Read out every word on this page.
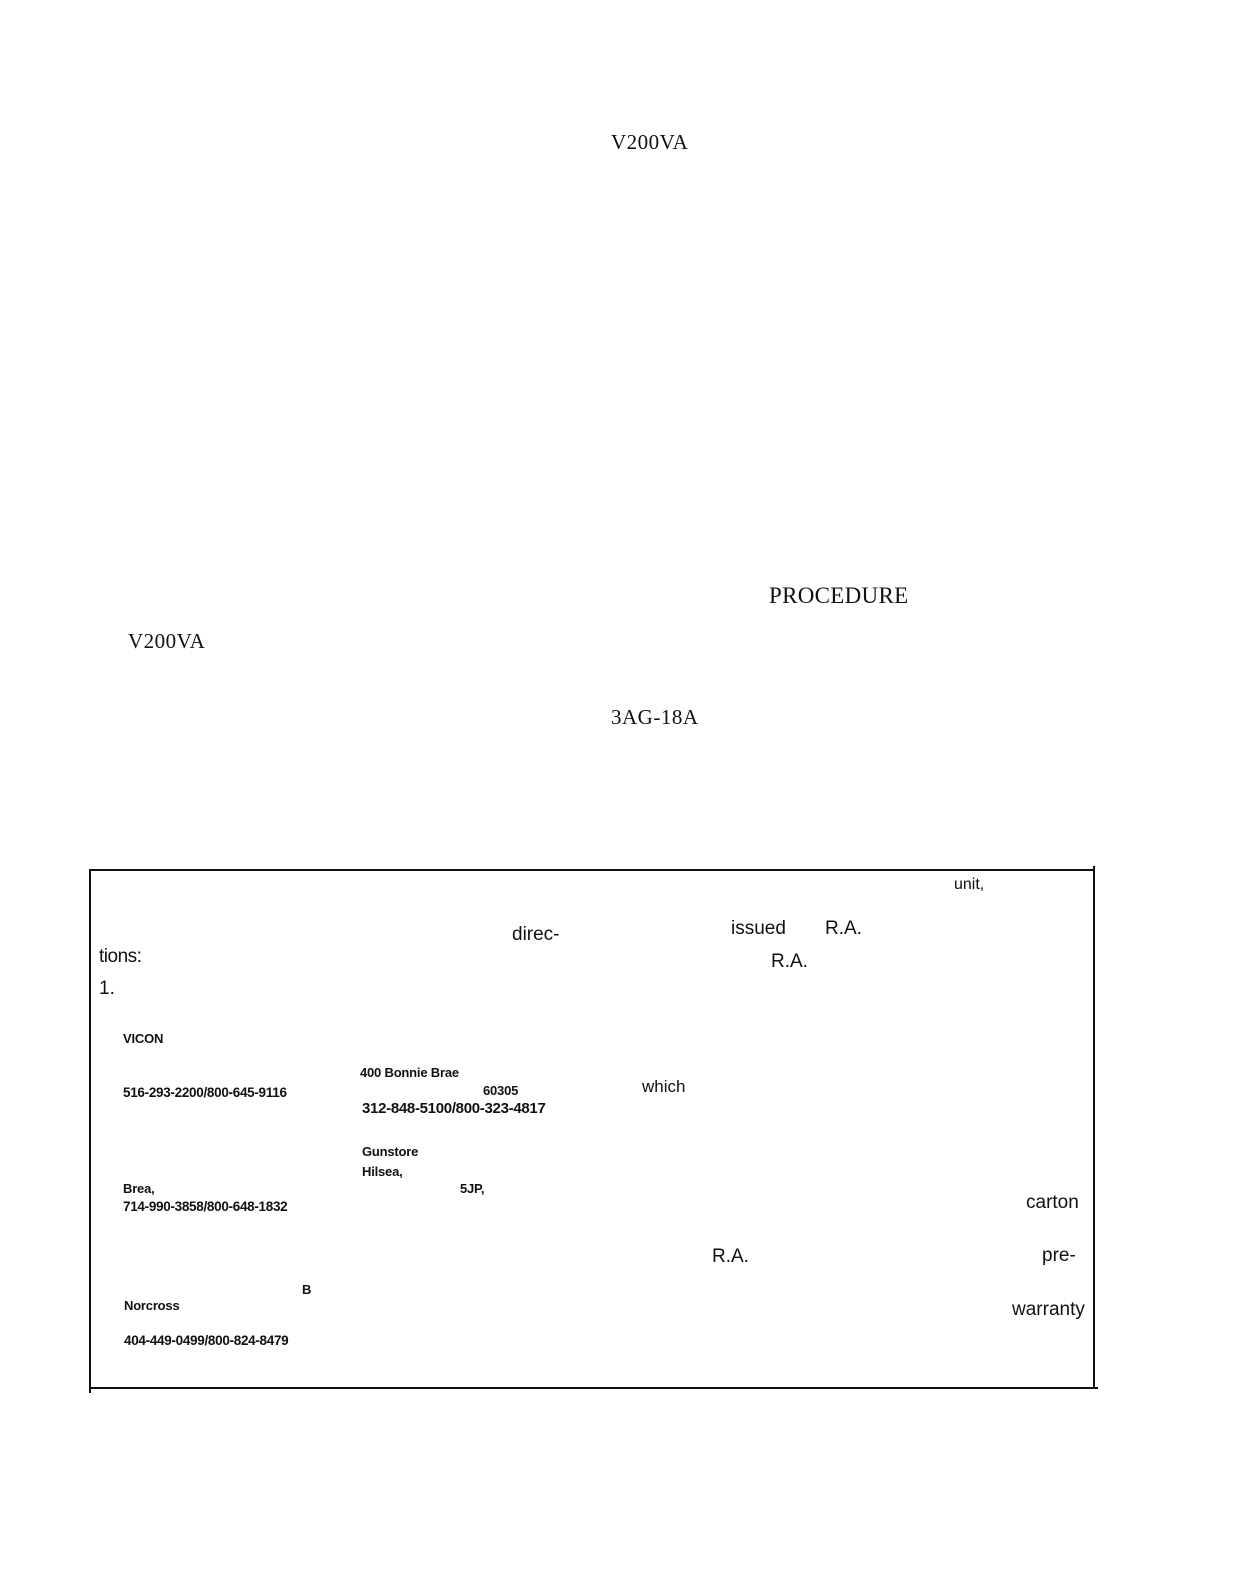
V200VA
PROCEDURE
V200VA
3AG-18A
unit,
direc-	issued R.A.
tions:	R.A.
1.
VICON
400 Bonnie Brae
60305	which
516-293-2200/800-645-9116
312-848-5100/800-323-4817
Gunstore
Hilsea,
Brea,	5JP,
714-990-3858/800-648-1832	carton
R.A.	pre-
B
Norcross	warranty
404-449-0499/800-824-8479
